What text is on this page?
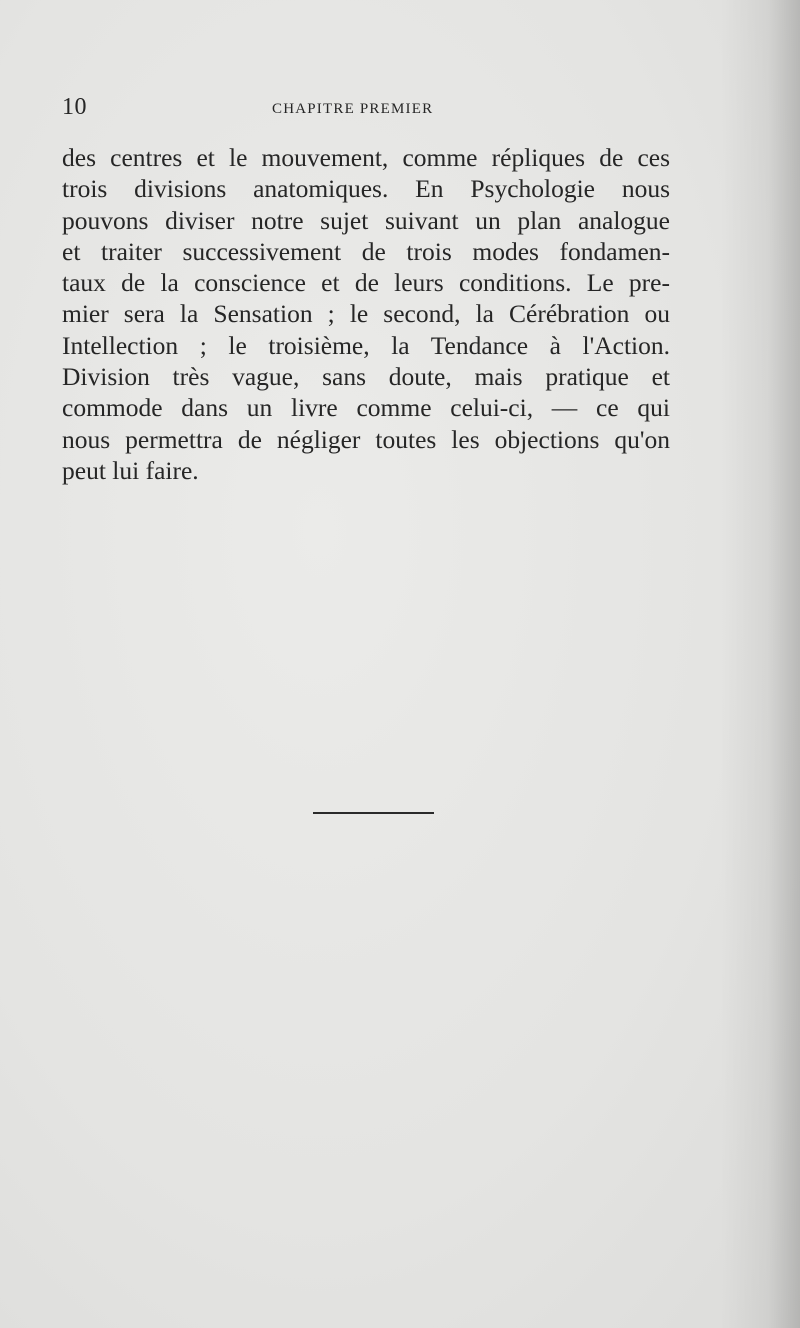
10	CHAPITRE PREMIER
des centres et le mouvement, comme répliques de ces
trois divisions anatomiques. En Psychologie nous
pouvons diviser notre sujet suivant un plan analogue
et traiter successivement de trois modes fondamen-
taux de la conscience et de leurs conditions. Le pre-
mier sera la Sensation ; le second, la Cérébration ou
Intellection ; le troisième, la Tendance à l'Action.
Division très vague, sans doute, mais pratique et
commode dans un livre comme celui-ci, — ce qui
nous permettra de négliger toutes les objections qu'on
peut lui faire.
